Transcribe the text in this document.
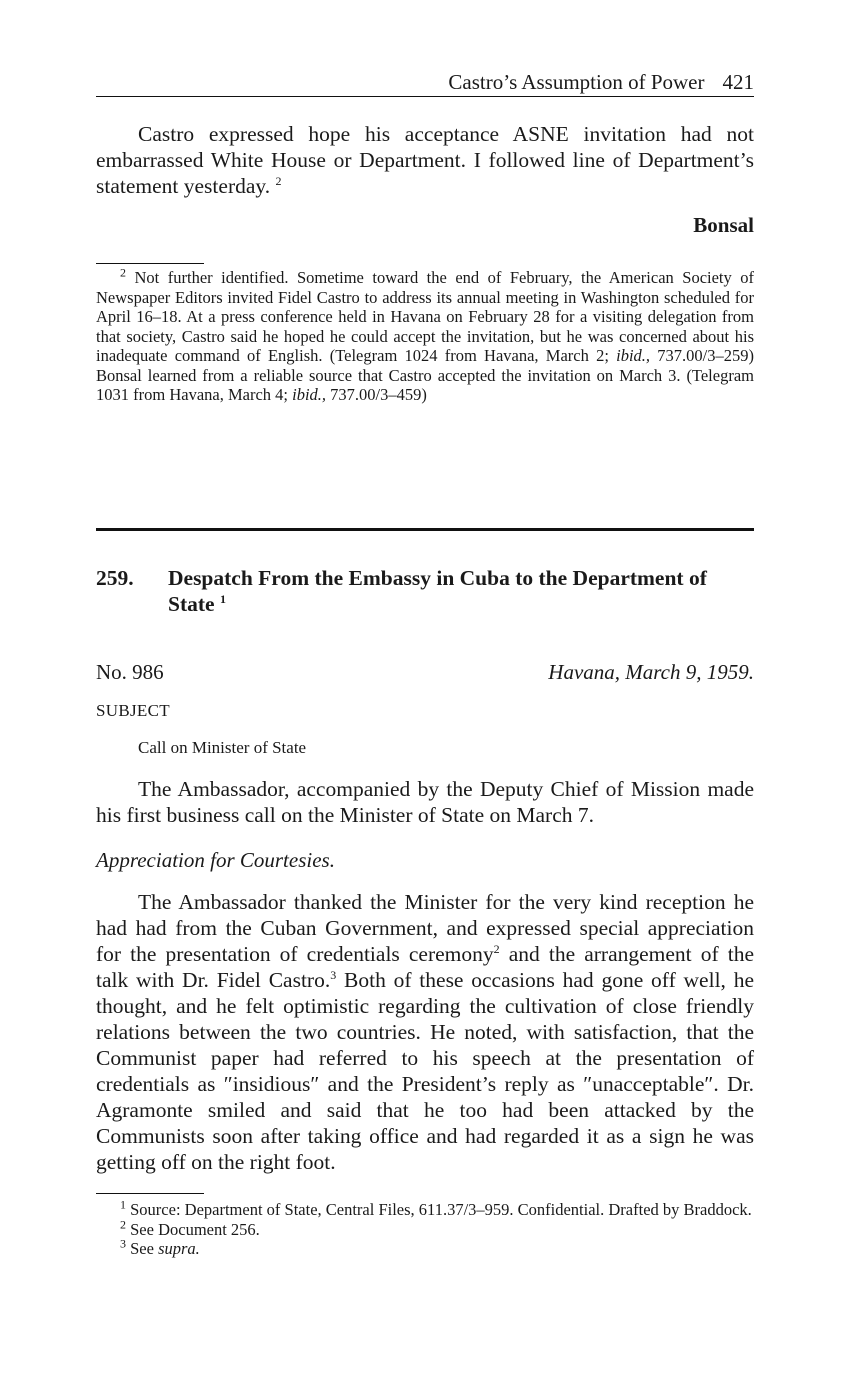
Castro’s Assumption of Power 421

Castro expressed hope his acceptance ASNE invitation had not embarrassed White House or Department. I followed line of Department’s statement yesterday. $^2$

Bonsal

$^2$ Not further identified. Sometime toward the end of February, the American Society of Newspaper Editors invited Fidel Castro to address its annual meeting in Washington scheduled for April 16–18. At a press conference held in Havana on February 28 for a visiting delegation from that society, Castro said he hoped he could accept the invitation, but he was concerned about his inadequate command of English. (Telegram 1024 from Havana, March 2; ibid., 737.00/3–259) Bonsal learned from a reliable source that Castro accepted the invitation on March 3. (Telegram 1031 from Havana, March 4; ibid., 737.00/3–459)

259.	Despatch From the Embassy in Cuba to the Department of State $^1$
No. 986	Havana, March 9, 1959.
SUBJECT
Call on Minister of State

The Ambassador, accompanied by the Deputy Chief of Mission made his first business call on the Minister of State on March 7.

Appreciation for Courtesies.

The Ambassador thanked the Minister for the very kind reception he had had from the Cuban Government, and expressed special appreciation for the presentation of credentials ceremony$^2$ and the arrangement of the talk with Dr. Fidel Castro.$^3$ Both of these occasions had gone off well, he thought, and he felt optimistic regarding the cultivation of close friendly relations between the two countries. He noted, with satisfaction, that the Communist paper had referred to his speech at the presentation of credentials as ″insidious″ and the President’s reply as ″unacceptable″. Dr. Agramonte smiled and said that he too had been attacked by the Communists soon after taking office and had regarded it as a sign he was getting off on the right foot.

$^1$ Source: Department of State, Central Files, 611.37/3–959. Confidential. Drafted by Braddock.

$^2$ See Document 256.

$^3$ See supra.
